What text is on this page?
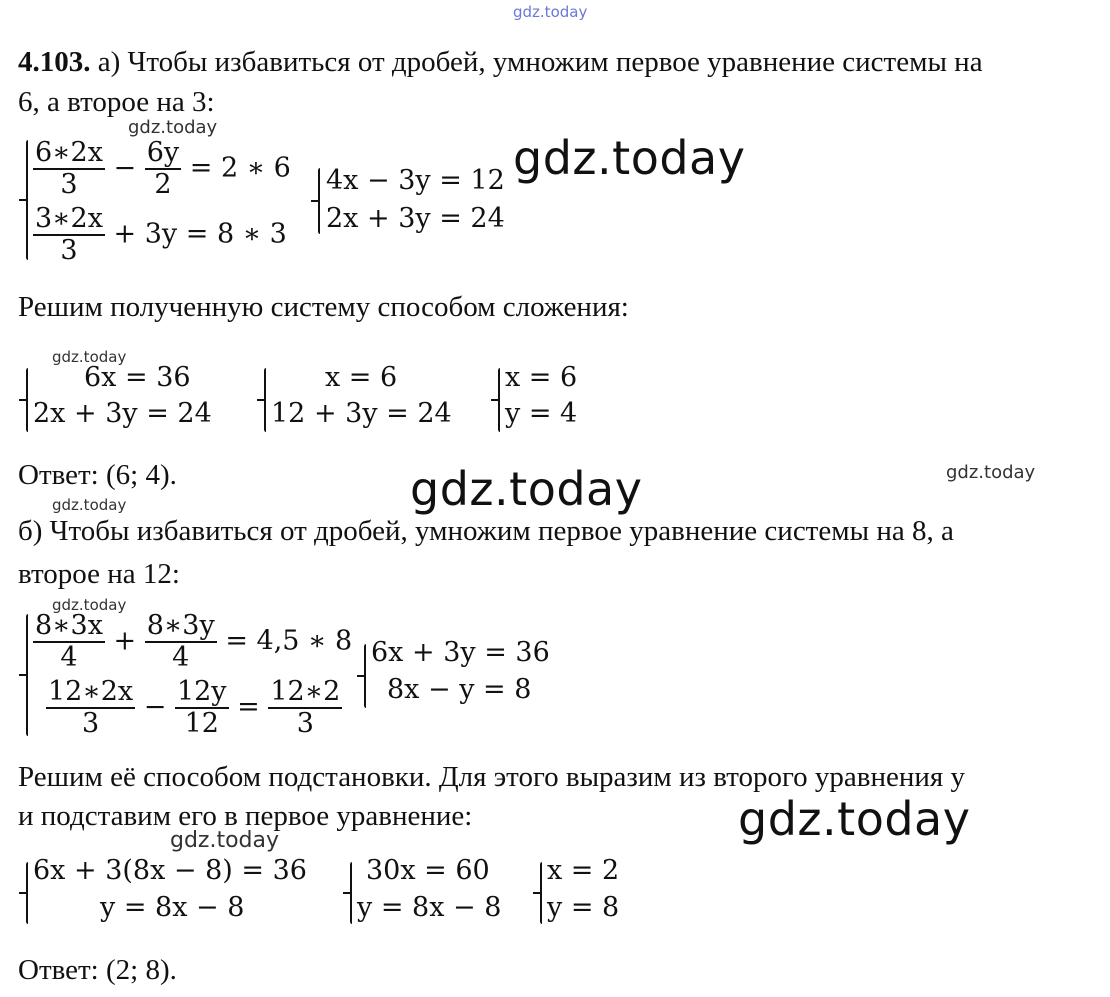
gdz.today
4.103. а) Чтобы избавиться от дробей, умножим первое уравнение системы на
6, а второе на 3:
gdz.today
$\frac{6∗2x}{3} - \frac{6y}{2} = 2$ ∗ 6
$\frac{3∗2x}{3} + 3y = 8$ ∗ 3
4x − 3y = 12
2x + 3y = 24
gdz.today
Решим полученную систему способом сложения:
gdz.today
6x = 36
2x + 3y = 24
x = 6
12 + 3y = 24
x = 6
y = 4
Ответ: (6; 4).	gdz.today	gdz.today
gdz.today
б) Чтобы избавиться от дробей, умножим первое уравнение системы на 8, а
второе на 12:
gdz.today
$\frac{8∗3x}{4} + \frac{8∗3y}{4} = 4,5$ ∗ 8
$\frac{12∗2x}{3} - \frac{12y}{12} = \frac{12∗2}{3}$
6x + 3y = 36
8x − y = 8
Решим её способом подстановки. Для этого выразим из второго уравнения y
и подставим его в первое уравнение:	gdz.today
gdz.today
6x + 3(8x − 8) = 36
y = 8x − 8
30x = 60
y = 8x − 8
x = 2
y = 8
Ответ: (2; 8).
